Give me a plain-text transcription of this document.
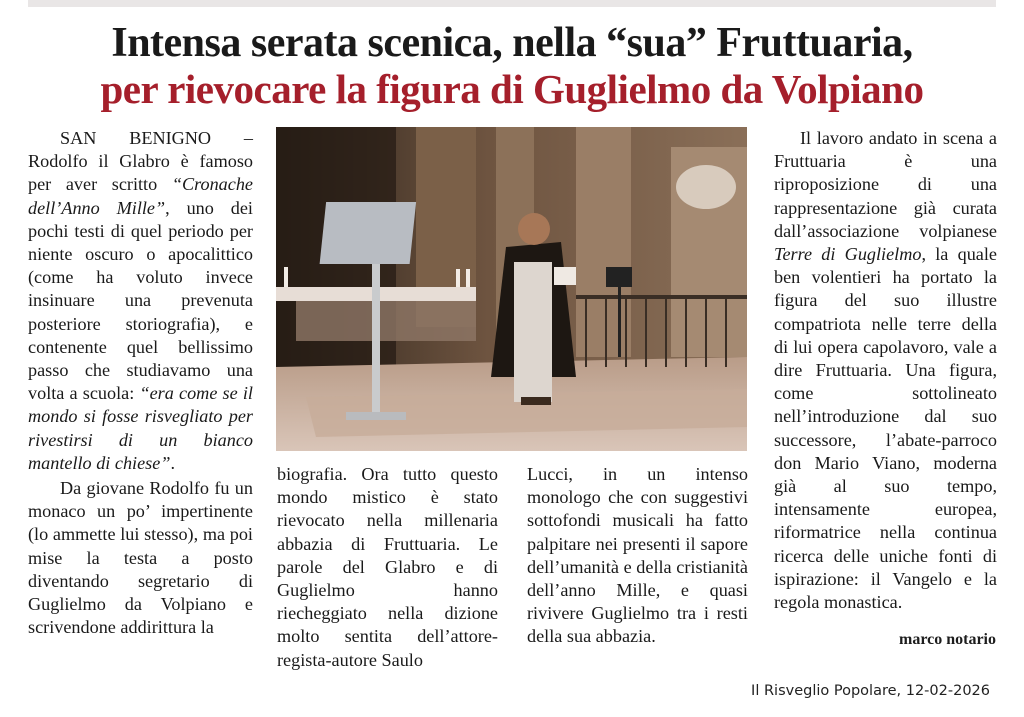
Intensa serata scenica, nella “sua” Fruttuaria,
per rievocare la figura di Guglielmo da Volpiano

SAN BENIGNO – Rodolfo il Glabro è famoso per aver scritto “Cronache dell’Anno Mille”, uno dei pochi testi di quel periodo per niente oscuro o apocalittico (come ha voluto invece insinuare una prevenuta posteriore storiografia), e contenente quel bellissimo passo che studiavamo una volta a scuola: “era come se il mondo si fosse risvegliato per rivestirsi di un bianco mantello di chiese”.

Da giovane Rodolfo fu un monaco un po’ impertinente (lo ammette lui stesso), ma poi mise la testa a posto diventando segretario di Guglielmo da Volpiano e scrivendone addirittura la

biografia. Ora tutto questo mondo mistico è stato rievocato nella millenaria abbazia di Fruttuaria. Le parole del Glabro e di Guglielmo hanno riecheggiato nella dizione molto sentita dell’attore-regista-autore Saulo

Lucci, in un intenso monologo che con suggestivi sottofondi musicali ha fatto palpitare nei presenti il sapore dell’umanità e della cristianità dell’anno Mille, e quasi rivivere Guglielmo tra i resti della sua abbazia.

Il lavoro andato in scena a Fruttuaria è una riproposizione di una rappresentazione già curata dall’associazione volpianese Terre di Guglielmo, la quale ben volentieri ha portato la figura del suo illustre compatriota nelle terre della di lui opera capolavoro, vale a dire Fruttuaria. Una figura, come sottolineato nell’introduzione dal suo successore, l’abate-parroco don Mario Viano, moderna già al suo tempo, intensamente europea, riformatrice nella continua ricerca delle uniche fonti di ispirazione: il Vangelo e la regola monastica.

marco notario
Il Risveglio Popolare, 12-02-2026
